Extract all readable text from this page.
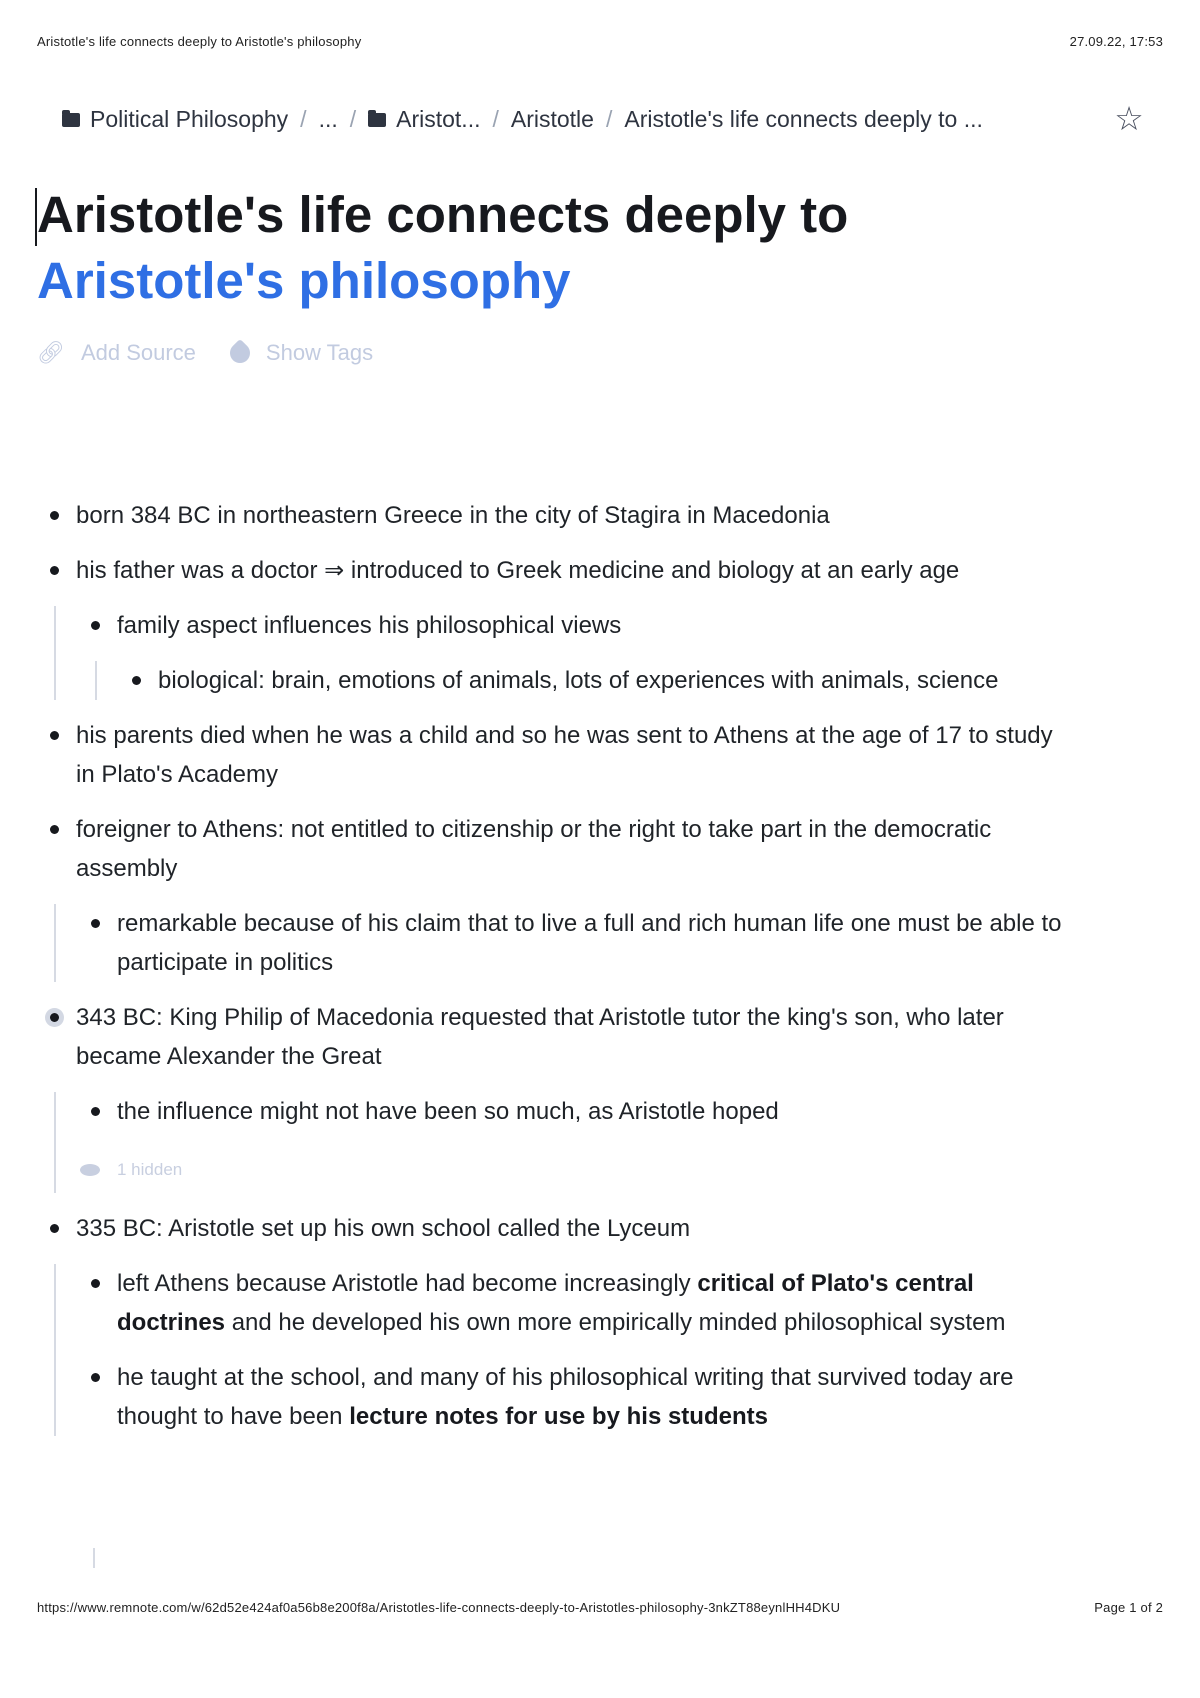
Aristotle's life connects deeply to Aristotle's philosophy	27.09.22, 17:53
Political Philosophy / ... / Aristot... / Aristotle / Aristotle's life connects deeply to ...	☆
Aristotle's life connects deeply to
Aristotle's philosophy
🔗︎ Add Source	Show Tags
born 384 BC in northeastern Greece in the city of Stagira in Macedonia
his father was a doctor ⇒ introduced to Greek medicine and biology at an early age
family aspect influences his philosophical views
biological: brain, emotions of animals, lots of experiences with animals, science
his parents died when he was a child and so he was sent to Athens at the age of 17 to study in Plato's Academy
foreigner to Athens: not entitled to citizenship or the right to take part in the democratic assembly
remarkable because of his claim that to live a full and rich human life one must be able to participate in politics
343 BC: King Philip of Macedonia requested that Aristotle tutor the king's son, who later became Alexander the Great
the influence might not have been so much, as Aristotle hoped
1 hidden
335 BC: Aristotle set up his own school called the Lyceum
left Athens because Aristotle had become increasingly critical of Plato's central doctrines and he developed his own more empirically minded philosophical system
he taught at the school, and many of his philosophical writing that survived today are thought to have been lecture notes for use by his students
https://www.remnote.com/w/62d52e424af0a56b8e200f8a/Aristotles-life-connects-deeply-to-Aristotles-philosophy-3nkZT88eynlHH4DKU	Page 1 of 2
